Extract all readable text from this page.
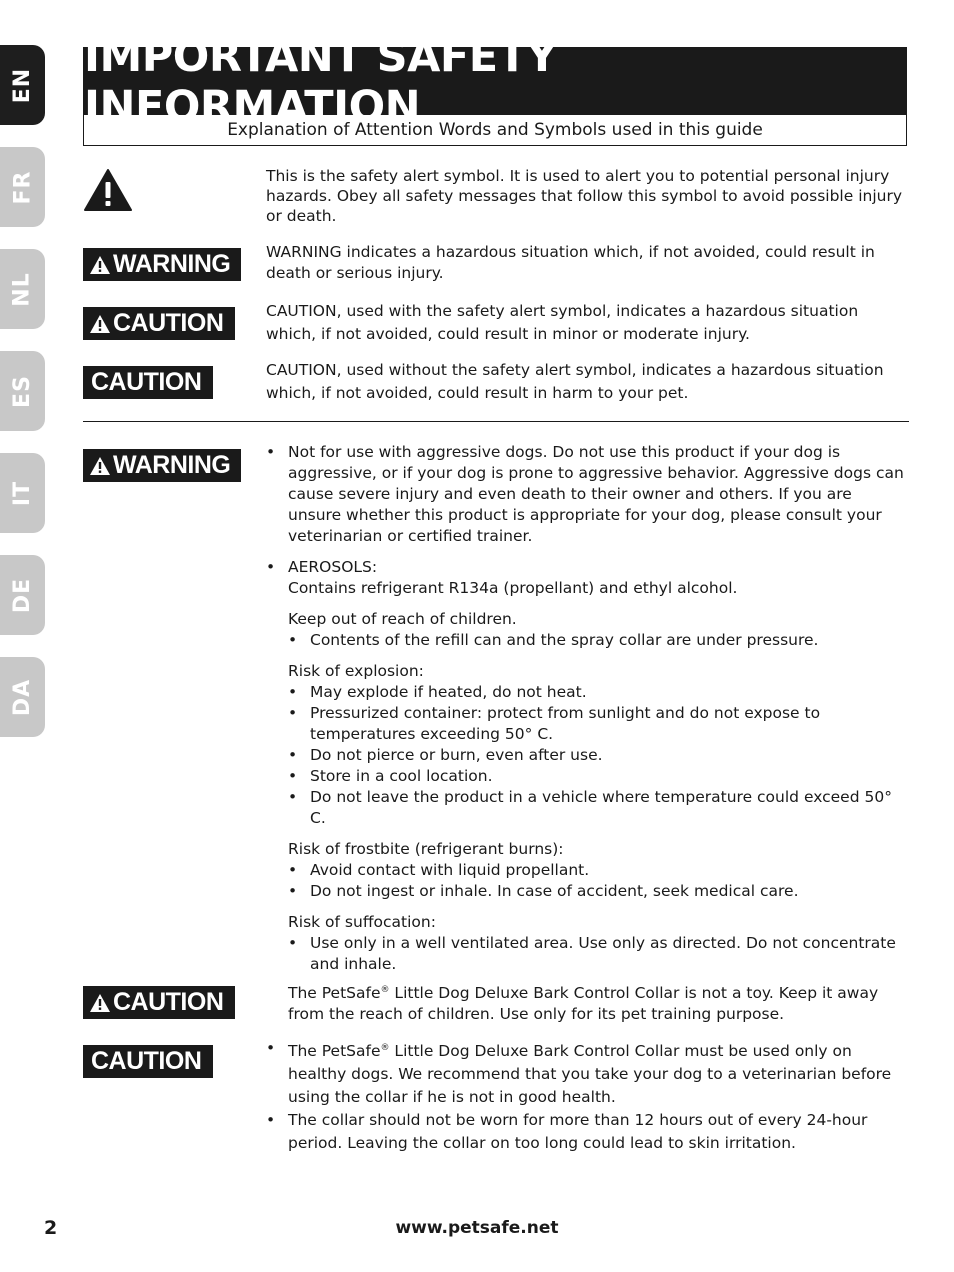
EN
FR
NL
ES
IT
DE
DA
IMPORTANT SAFETY INFORMATION
Explanation of Attention Words and Symbols used in this guide
This is the safety alert symbol. It is used to alert you to potential personal injury hazards. Obey all safety messages that follow this symbol to avoid possible injury or death.
WARNING WARNING indicates a hazardous situation which, if not avoided, could result in death or serious injury.
CAUTION	CAUTION, used with the safety alert symbol, indicates a hazardous situation which, if not avoided, could result in minor or moderate injury.
CAUTION	CAUTION, used without the safety alert symbol, indicates a hazardous situation which, if not avoided, could result in harm to your pet.
WARNING	• Not for use with aggressive dogs. Do not use this product if your dog is aggressive, or if your dog is prone to aggressive behavior. Aggressive dogs can cause severe injury and even death to their owner and others. If you are unsure whether this product is appropriate for your dog, please consult your veterinarian or certified trainer.
• AEROSOLS:
Contains refrigerant R134a (propellant) and ethyl alcohol.
Keep out of reach of children.
• Contents of the refill can and the spray collar are under pressure.
Risk of explosion:
• May explode if heated, do not heat.
• Pressurized container: protect from sunlight and do not expose to temperatures exceeding 50° C.
• Do not pierce or burn, even after use.
• Store in a cool location.
• Do not leave the product in a vehicle where temperature could exceed 50° C.
Risk of frostbite (refrigerant burns):
• Avoid contact with liquid propellant.
• Do not ingest or inhale. In case of accident, seek medical care.
Risk of suffocation:
• Use only in a well ventilated area. Use only as directed. Do not concentrate and inhale.
CAUTION	The PetSafe® Little Dog Deluxe Bark Control Collar is not a toy. Keep it away from the reach of children. Use only for its pet training purpose.
CAUTION	• The PetSafe® Little Dog Deluxe Bark Control Collar must be used only on healthy dogs. We recommend that you take your dog to a veterinarian before using the collar if he is not in good health.
• The collar should not be worn for more than 12 hours out of every 24-hour period. Leaving the collar on too long could lead to skin irritation.
2	www.petsafe.net
